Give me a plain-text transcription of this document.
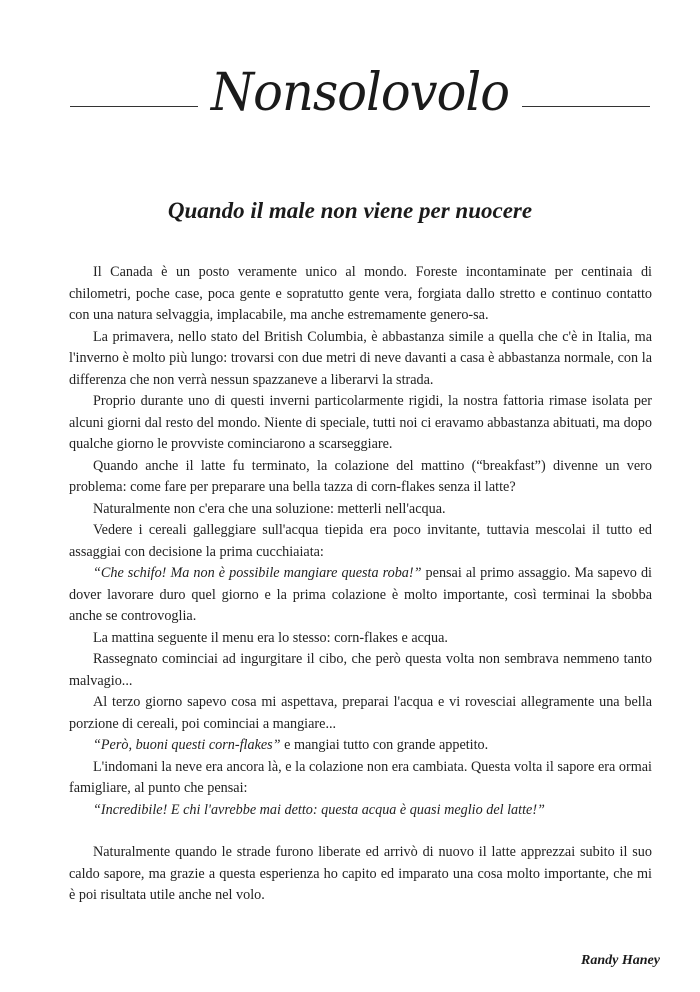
Nonsolovolo
Quando il male non viene per nuocere

Il Canada è un posto veramente unico al mondo. Foreste incontaminate per centinaia di chilometri, poche case, poca gente e sopratutto gente vera, forgiata dallo stretto e continuo contatto con una natura selvaggia, implacabile, ma anche estremamente genero-sa.

La primavera, nello stato del British Columbia, è abbastanza simile a quella che c'è in Italia, ma l'inverno è molto più lungo: trovarsi con due metri di neve davanti a casa è abbastanza normale, con la differenza che non verrà nessun spazzaneve a liberarvi la strada.

Proprio durante uno di questi inverni particolarmente rigidi, la nostra fattoria rimase isolata per alcuni giorni dal resto del mondo. Niente di speciale, tutti noi ci eravamo abbastanza abituati, ma dopo qualche giorno le provviste cominciarono a scarseggiare.

Quando anche il latte fu terminato, la colazione del mattino (“breakfast”) divenne un vero problema: come fare per preparare una bella tazza di corn-flakes senza il latte?

Naturalmente non c'era che una soluzione: metterli nell'acqua.

Vedere i cereali galleggiare sull'acqua tiepida era poco invitante, tuttavia mescolai il tutto ed assaggiai con decisione la prima cucchiaiata:

“Che schifo! Ma non è possibile mangiare questa roba!” pensai al primo assaggio. Ma sapevo di dover lavorare duro quel giorno e la prima colazione è molto importante, così terminai la sbobba anche se controvoglia.

La mattina seguente il menu era lo stesso: corn-flakes e acqua.

Rassegnato cominciai ad ingurgitare il cibo, che però questa volta non sembrava nemmeno tanto malvagio...

Al terzo giorno sapevo cosa mi aspettava, preparai l'acqua e vi rovesciai allegramente una bella porzione di cereali, poi cominciai a mangiare...

“Però, buoni questi corn-flakes” e mangiai tutto con grande appetito.

L'indomani la neve era ancora là, e la colazione non era cambiata. Questa volta il sapore era ormai famigliare, al punto che pensai:

“Incredibile! E chi l'avrebbe mai detto: questa acqua è quasi meglio del latte!”

Naturalmente quando le strade furono liberate ed arrivò di nuovo il latte apprezzai subito il suo caldo sapore, ma grazie a questa esperienza ho capito ed imparato una cosa molto importante, che mi è poi risultata utile anche nel volo.

Randy Haney
